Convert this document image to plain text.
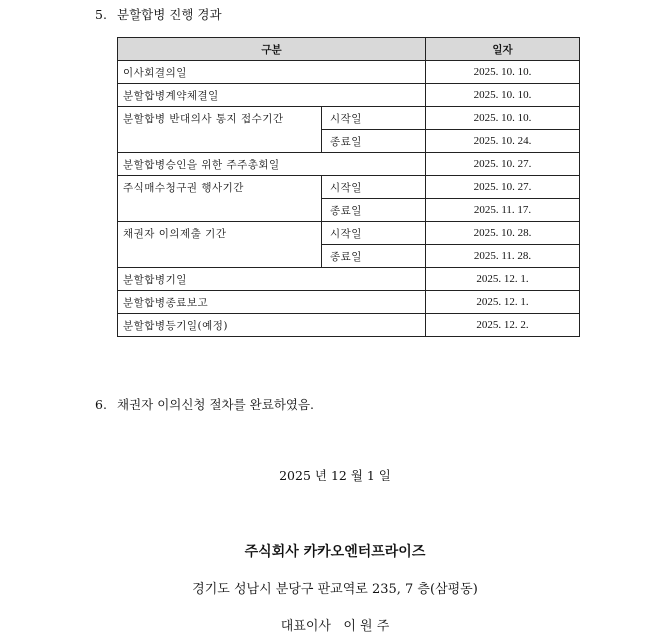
5. 분할합병 진행 경과
구분		일자
이사회결의일		2025. 10. 10.
분할합병계약체결일		2025. 10. 10.
분할합병 반대의사 통지 접수기간	시작일	2025. 10. 10.
	종료일	2025. 10. 24.
분할합병승인을 위한 주주총회일		2025. 10. 27.
주식매수청구권 행사기간	시작일	2025. 10. 27.
	종료일	2025. 11. 17.
채권자 이의제출 기간	시작일	2025. 10. 28.
	종료일	2025. 11. 28.
분할합병기일		2025. 12. 1.
분할합병종료보고		2025. 12. 1.
분할합병등기일(예정)		2025. 12. 2.
6. 채권자 이의신청 절차를 완료하였음.
2025 년 12 월 1 일
주식회사 카카오엔터프라이즈
경기도 성남시 분당구 판교역로 235, 7 층(삼평동)
대표이사   이 원 주
